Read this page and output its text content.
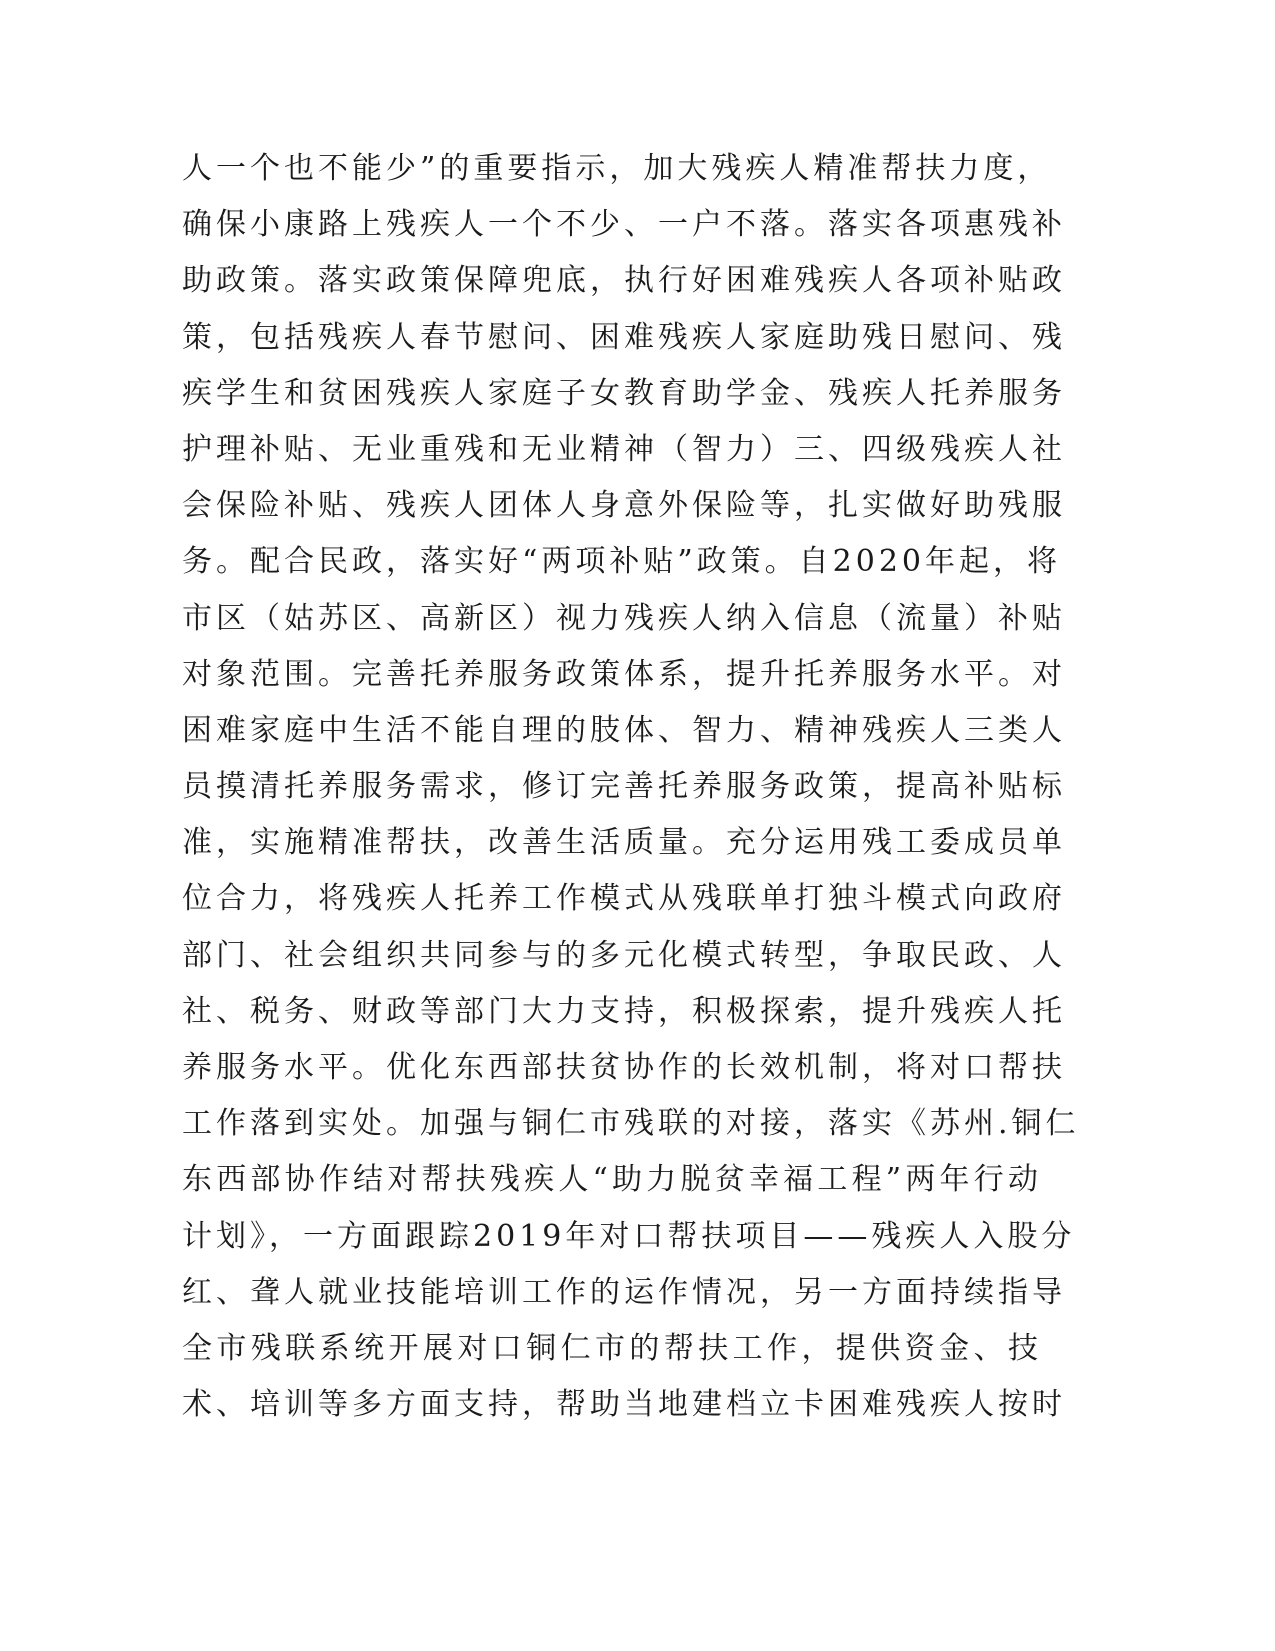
人一个也不能少”的重要指示，加大残疾人精准帮扶力度，
确保小康路上残疾人一个不少、一户不落。落实各项惠残补
助政策。落实政策保障兜底，执行好困难残疾人各项补贴政
策，包括残疾人春节慰问、困难残疾人家庭助残日慰问、残
疾学生和贫困残疾人家庭子女教育助学金、残疾人托养服务
护理补贴、无业重残和无业精神（智力）三、四级残疾人社
会保险补贴、残疾人团体人身意外保险等，扎实做好助残服
务。配合民政，落实好“两项补贴”政策。自2020年起，将
市区（姑苏区、高新区）视力残疾人纳入信息（流量）补贴
对象范围。完善托养服务政策体系，提升托养服务水平。对
困难家庭中生活不能自理的肢体、智力、精神残疾人三类人
员摸清托养服务需求，修订完善托养服务政策，提高补贴标
准，实施精准帮扶，改善生活质量。充分运用残工委成员单
位合力，将残疾人托养工作模式从残联单打独斗模式向政府
部门、社会组织共同参与的多元化模式转型，争取民政、人
社、税务、财政等部门大力支持，积极探索，提升残疾人托
养服务水平。优化东西部扶贫协作的长效机制，将对口帮扶
工作落到实处。加强与铜仁市残联的对接，落实《苏州.铜仁
东西部协作结对帮扶残疾人“助力脱贫幸福工程”两年行动
计划》，一方面跟踪2019年对口帮扶项目——残疾人入股分
红、聋人就业技能培训工作的运作情况，另一方面持续指导
全市残联系统开展对口铜仁市的帮扶工作，提供资金、技
术、培训等多方面支持，帮助当地建档立卡困难残疾人按时
